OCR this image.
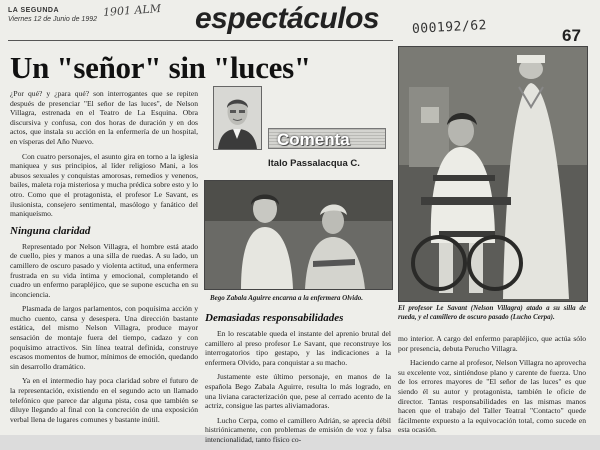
LA SEGUNDA
Viernes 12 de Junio de 1992
1901 ALM espectáculos	000192/62	67
Un "señor" sin "luces"

¿Por qué? y ¿para qué? son interrogantes que se repiten después de presenciar "El señor de las luces", de Nelson Villagra, estrenada en el Teatro de La Esquina. Obra discursiva y confusa, con dos horas de duración y en dos actos, que instala su acción en la enfermería de un hospital, en vísperas del Año Nuevo.

Con cuatro personajes, el asunto gira en torno a la iglesia maniquea y sus principios, al líder religioso Mani, a los abusos sexuales y conquistas amorosas, remedios y venenos, bailes, maleta roja misteriosa y mucha prédica sobre esto y lo otro. Como que el protagonista, el profesor Le Savant, es ilusionista, consejero sentimental, masólogo y fanático del maniqueísmo.

Ninguna claridad

Representado por Nelson Villagra, el hombre está atado de cuello, pies y manos a una silla de ruedas. A su lado, un camillero de oscuro pasado y violenta actitud, una enfermera frustrada en su vida íntima y emocional, completando el cuadro un enfermo parapléjico, que se supone escucha en su inconciencia.

Plasmada de largos parlamentos, con poquísima acción y mucho cuento, cansa y desespera. Una dirección bastante estática, del mismo Nelson Villagra, produce mayor sensación de montaje fuera del tiempo, cadazo y con poquísimo atractivos. Sin línea teatral definida, construye escasos momentos de humor, mínimos de emoción, quedando sin desarrollo dramático.

Ya en el intermedio hay poca claridad sobre el futuro de la representación, existiendo en el segundo acto un llamado telefónico que parece dar alguna pista, cosa que también se diluye llegando al final con la concreción de una exposición verbal llena de lugares comunes y bastante inútil.

Comenta
Italo Passalacqua C.
Bego Zabala Aguirre encarna a la enfermera Olvido.
Demasiadas responsabilidades

En lo rescatable queda el instante del aprenio brutal del camillero al preso profesor Le Savant, que reconstruye los interrogatorios tipo gestapo, y las indicaciones a la enfermera Olvido, para conquistar a su macho.

Justamente este último personaje, en manos de la española Bego Zabala Aguirre, resulta lo más logrado, en una liviana caracterización que, pese al cerrado acento de la actriz, consigue las partes aliviamadoras.

Lucho Cerpa, como el camillero Adrián, se aprecia débil histriónicamente, con problemas de emisión de voz y falsa intencionalidad, tanto físico co-

El profesor Le Savant (Nelson Villagra) atado a su silla de rueda, y el camillero de oscuro pasado (Lucho Cerpa).

mo interior. A cargo del enfermo parapléjico, que actúa sólo por presencia, debuta Perucho Villagra.

Haciendo carne al profesor, Nelson Villagra no aprovecha su excelente voz, sintiéndose plano y carente de fuerza. Uno de los errores mayores de "El señor de las luces" es que siendo él su autor y protagonista, también le oficie de director. Tantas responsabilidades en las mismas manos hacen que el trabajo del Taller Teatral "Contacto" quede fácilmente expuesto a la equivocación total, como sucede en esta ocasión.
